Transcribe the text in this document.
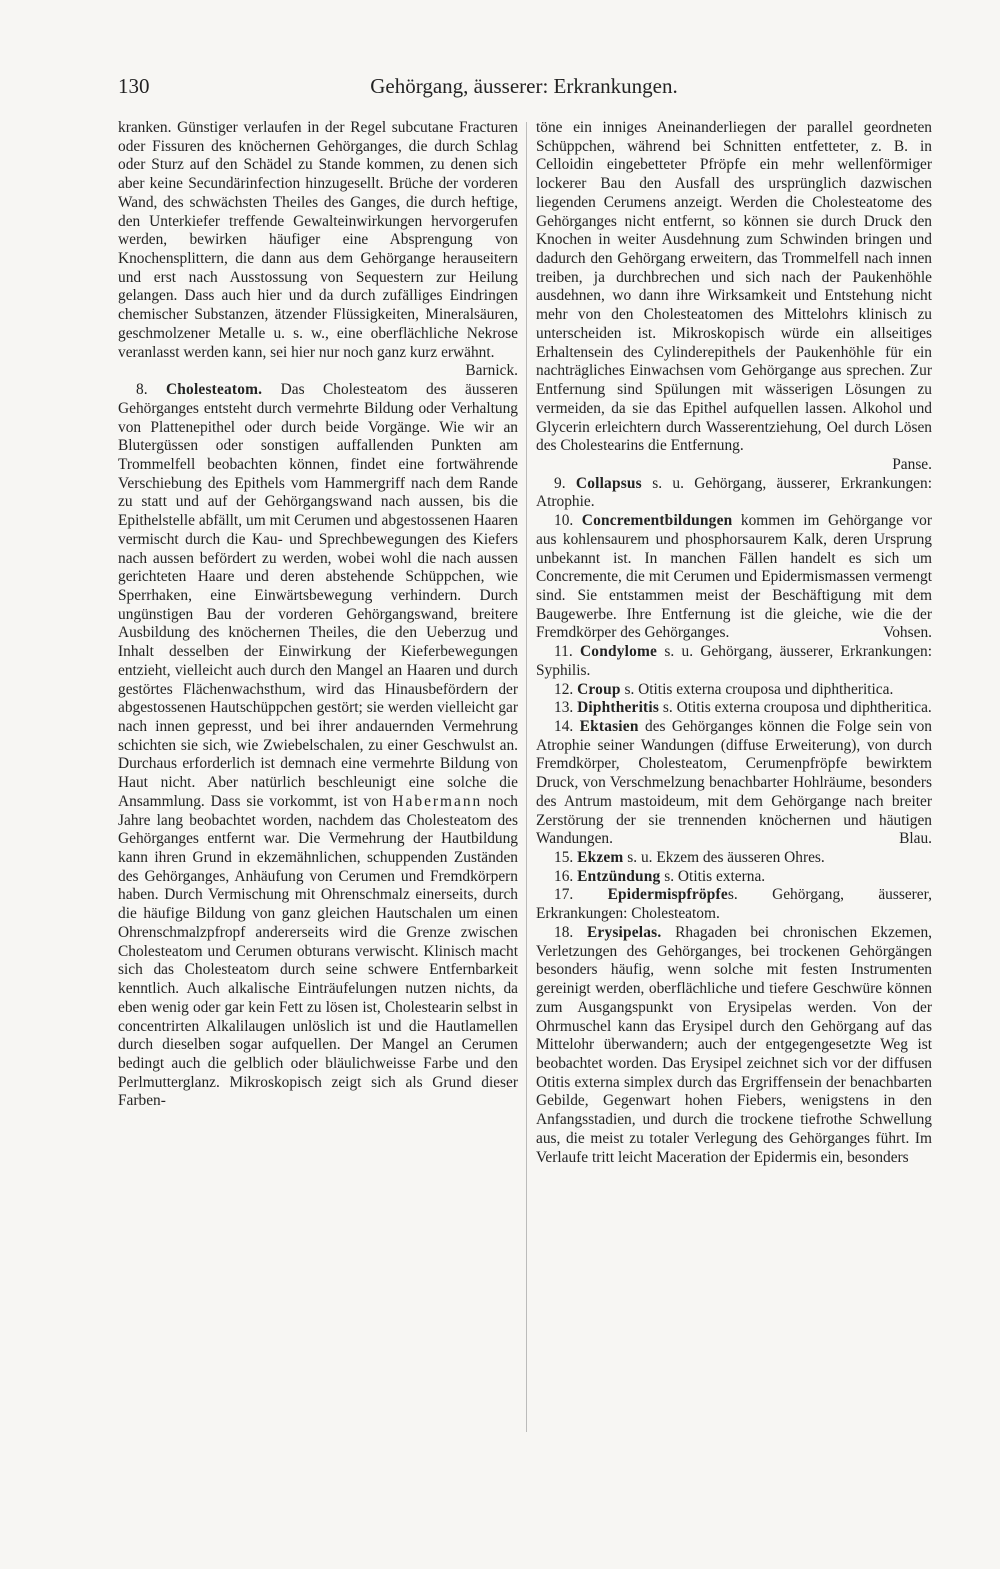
130	Gehörgang, äusserer: Erkrankungen.

kranken. Günstiger verlaufen in der Regel subcutane Fracturen oder Fissuren des knöchernen Gehörganges, die durch Schlag oder Sturz auf den Schädel zu Stande kommen, zu denen sich aber keine Secundärinfection hinzugesellt. Brüche der vorderen Wand, des schwächsten Theiles des Ganges, die durch heftige, den Unterkiefer treffende Gewalteinwirkungen hervorgerufen werden, bewirken häufiger eine Absprengung von Knochensplittern, die dann aus dem Gehörgange herauseitern und erst nach Ausstossung von Sequestern zur Heilung gelangen. Dass auch hier und da durch zufälliges Eindringen chemischer Substanzen, ätzender Flüssigkeiten, Mineralsäuren, geschmolzener Metalle u. s. w., eine oberflächliche Nekrose veranlasst werden kann, sei hier nur noch ganz kurz erwähnt.
Barnick.

8. Cholesteatom. Das Cholesteatom des äusseren Gehörganges entsteht durch vermehrte Bildung oder Verhaltung von Plattenepithel oder durch beide Vorgänge. Wie wir an Blutergüssen oder sonstigen auffallenden Punkten am Trommelfell beobachten können, findet eine fortwährende Verschiebung des Epithels vom Hammergriff nach dem Rande zu statt und auf der Gehörgangswand nach aussen, bis die Epithelstelle abfällt, um mit Cerumen und abgestossenen Haaren vermischt durch die Kau- und Sprechbewegungen des Kiefers nach aussen befördert zu werden, wobei wohl die nach aussen gerichteten Haare und deren abstehende Schüppchen, wie Sperrhaken, eine Einwärtsbewegung verhindern. Durch ungünstigen Bau der vorderen Gehörgangswand, breitere Ausbildung des knöchernen Theiles, die den Ueberzug und Inhalt desselben der Einwirkung der Kieferbewegungen entzieht, vielleicht auch durch den Mangel an Haaren und durch gestörtes Flächenwachsthum, wird das Hinausbefördern der abgestossenen Hautschüppchen gestört; sie werden vielleicht gar nach innen gepresst, und bei ihrer andauernden Vermehrung schichten sie sich, wie Zwiebelschalen, zu einer Geschwulst an. Durchaus erforderlich ist demnach eine vermehrte Bildung von Haut nicht. Aber natürlich beschleunigt eine solche die Ansammlung. Dass sie vorkommt, ist von Habermann noch Jahre lang beobachtet worden, nachdem das Cholesteatom des Gehörganges entfernt war. Die Vermehrung der Hautbildung kann ihren Grund in ekzemähnlichen, schuppenden Zuständen des Gehörganges, Anhäufung von Cerumen und Fremdkörpern haben. Durch Vermischung mit Ohrenschmalz einerseits, durch die häufige Bildung von ganz gleichen Hautschalen um einen Ohrenschmalzpfropf andererseits wird die Grenze zwischen Cholesteatom und Cerumen obturans verwischt. Klinisch macht sich das Cholesteatom durch seine schwere Entfernbarkeit kenntlich. Auch alkalische Einträufelungen nutzen nichts, da eben wenig oder gar kein Fett zu lösen ist, Cholestearin selbst in concentrirten Alkalilaugen unlöslich ist und die Hautlamellen durch dieselben sogar aufquellen. Der Mangel an Cerumen bedingt auch die gelblich oder bläulichweisse Farbe und den Perlmutterglanz. Mikroskopisch zeigt sich als Grund dieser Farben-

töne ein inniges Aneinanderliegen der parallel geordneten Schüppchen, während bei Schnitten entfetteter, z. B. in Celloidin eingebetteter Pfröpfe ein mehr wellenförmiger lockerer Bau den Ausfall des ursprünglich dazwischen liegenden Cerumens anzeigt. Werden die Cholesteatome des Gehörganges nicht entfernt, so können sie durch Druck den Knochen in weiter Ausdehnung zum Schwinden bringen und dadurch den Gehörgang erweitern, das Trommelfell nach innen treiben, ja durchbrechen und sich nach der Paukenhöhle ausdehnen, wo dann ihre Wirksamkeit und Entstehung nicht mehr von den Cholesteatomen des Mittelohrs klinisch zu unterscheiden ist. Mikroskopisch würde ein allseitiges Erhaltensein des Cylinderepithels der Paukenhöhle für ein nachträgliches Einwachsen vom Gehörgange aus sprechen. Zur Entfernung sind Spülungen mit wässerigen Lösungen zu vermeiden, da sie das Epithel aufquellen lassen. Alkohol und Glycerin erleichtern durch Wasserentziehung, Oel durch Lösen des Cholestearins die Entfernung.
Panse.

9. Collapsus s. u. Gehörgang, äusserer, Erkrankungen: Atrophie.

10. Concrementbildungen kommen im Gehörgange vor aus kohlensaurem und phosphorsaurem Kalk, deren Ursprung unbekannt ist. In manchen Fällen handelt es sich um Concremente, die mit Cerumen und Epidermismassen vermengt sind. Sie entstammen meist der Beschäftigung mit dem Baugewerbe. Ihre Entfernung ist die gleiche, wie die der Fremdkörper des Gehörganges.	Vohsen.

11. Condylome s. u. Gehörgang, äusserer, Erkrankungen: Syphilis.

12. Croup s. Otitis externa crouposa und diphtheritica.

13. Diphtheritis s. Otitis externa crouposa und diphtheritica.

14. Ektasien des Gehörganges können die Folge sein von Atrophie seiner Wandungen (diffuse Erweiterung), von durch Fremdkörper, Cholesteatom, Cerumenpfröpfe bewirktem Druck, von Verschmelzung benachbarter Hohlräume, besonders des Antrum mastoideum, mit dem Gehörgange nach breiter Zerstörung der sie trennenden knöchernen und häutigen Wandungen.	Blau.

15. Ekzem s. u. Ekzem des äusseren Ohres.

16. Entzündung s. Otitis externa.

17. Epidermispfröpfes. Gehörgang, äusserer, Erkrankungen: Cholesteatom.

18. Erysipelas. Rhagaden bei chronischen Ekzemen, Verletzungen des Gehörganges, bei trockenen Gehörgängen besonders häufig, wenn solche mit festen Instrumenten gereinigt werden, oberflächliche und tiefere Geschwüre können zum Ausgangspunkt von Erysipelas werden. Von der Ohrmuschel kann das Erysipel durch den Gehörgang auf das Mittelohr überwandern; auch der entgegengesetzte Weg ist beobachtet worden. Das Erysipel zeichnet sich vor der diffusen Otitis externa simplex durch das Ergriffensein der benachbarten Gebilde, Gegenwart hohen Fiebers, wenigstens in den Anfangsstadien, und durch die trockene tiefrothe Schwellung aus, die meist zu totaler Verlegung des Gehörganges führt. Im Verlaufe tritt leicht Maceration der Epidermis ein, besonders
